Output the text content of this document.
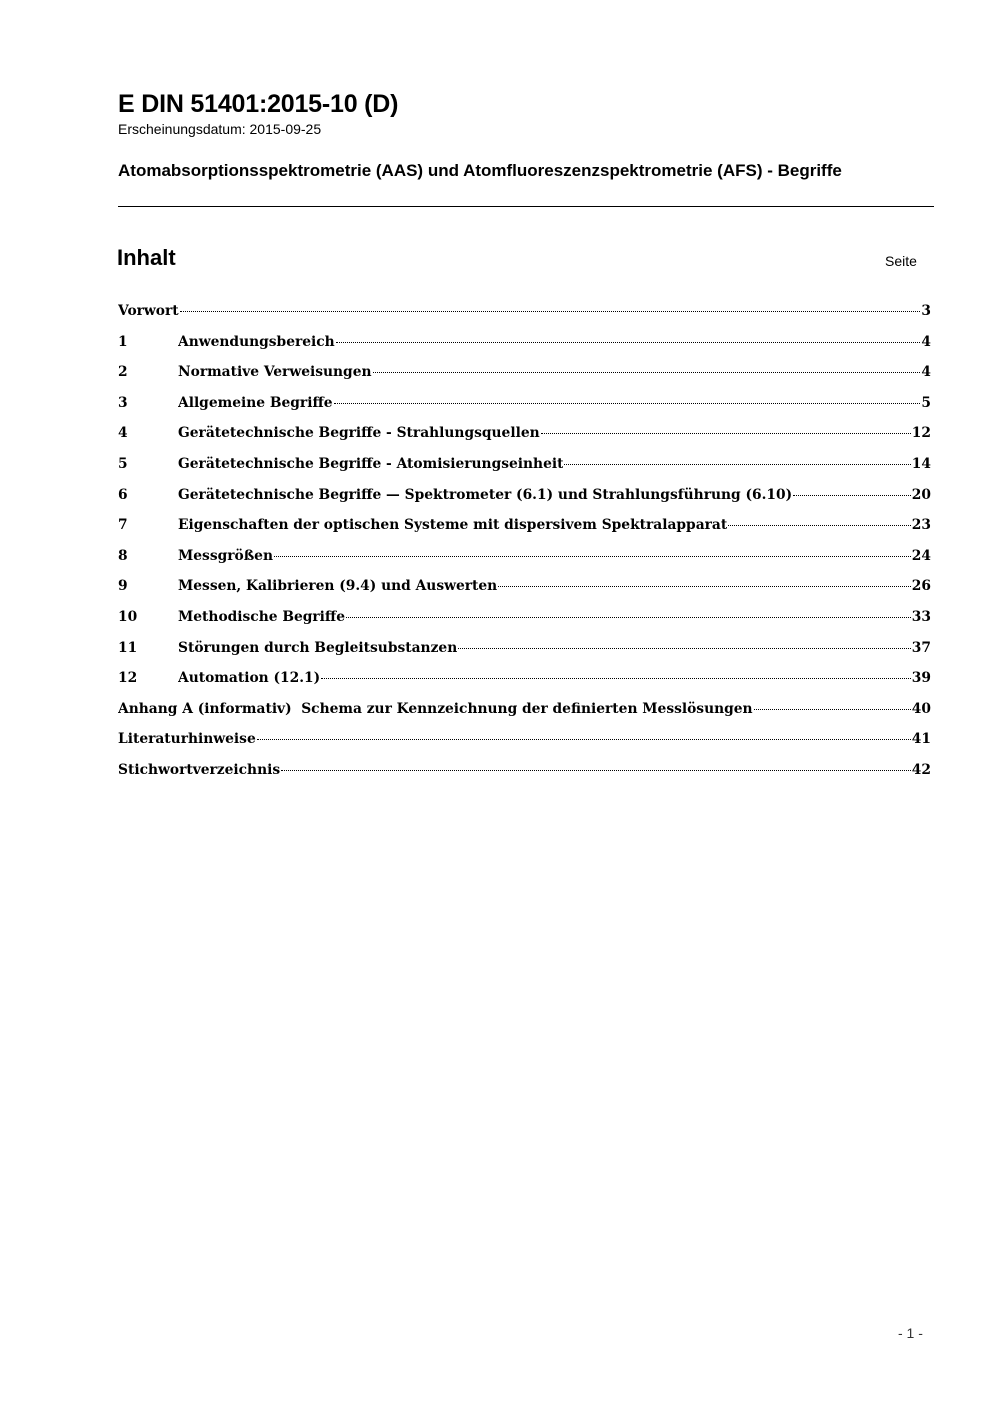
E DIN 51401:2015-10 (D)

Erscheinungsdatum: 2015-09-25

Atomabsorptionsspektrometrie (AAS) und Atomfluoreszenzspektrometrie (AFS) - Begriffe
Inhalt	Seite
Vorwort	3
1	Anwendungsbereich	4
2	Normative Verweisungen	4
3	Allgemeine Begriffe	5
4	Gerätetechnische Begriffe - Strahlungsquellen	12
5	Gerätetechnische Begriffe - Atomisierungseinheit	14
6	Gerätetechnische Begriffe — Spektrometer (6.1) und Strahlungsführung (6.10)	20
7	Eigenschaften der optischen Systeme mit dispersivem Spektralapparat	23
8	Messgrößen	24
9	Messen, Kalibrieren (9.4) und Auswerten	26
10	Methodische Begriffe	33
11	Störungen durch Begleitsubstanzen	37
12	Automation (12.1)	39
Anhang A (informativ)  Schema zur Kennzeichnung der definierten Messlösungen	40
Literaturhinweise	41
Stichwortverzeichnis	42
- 1 -
